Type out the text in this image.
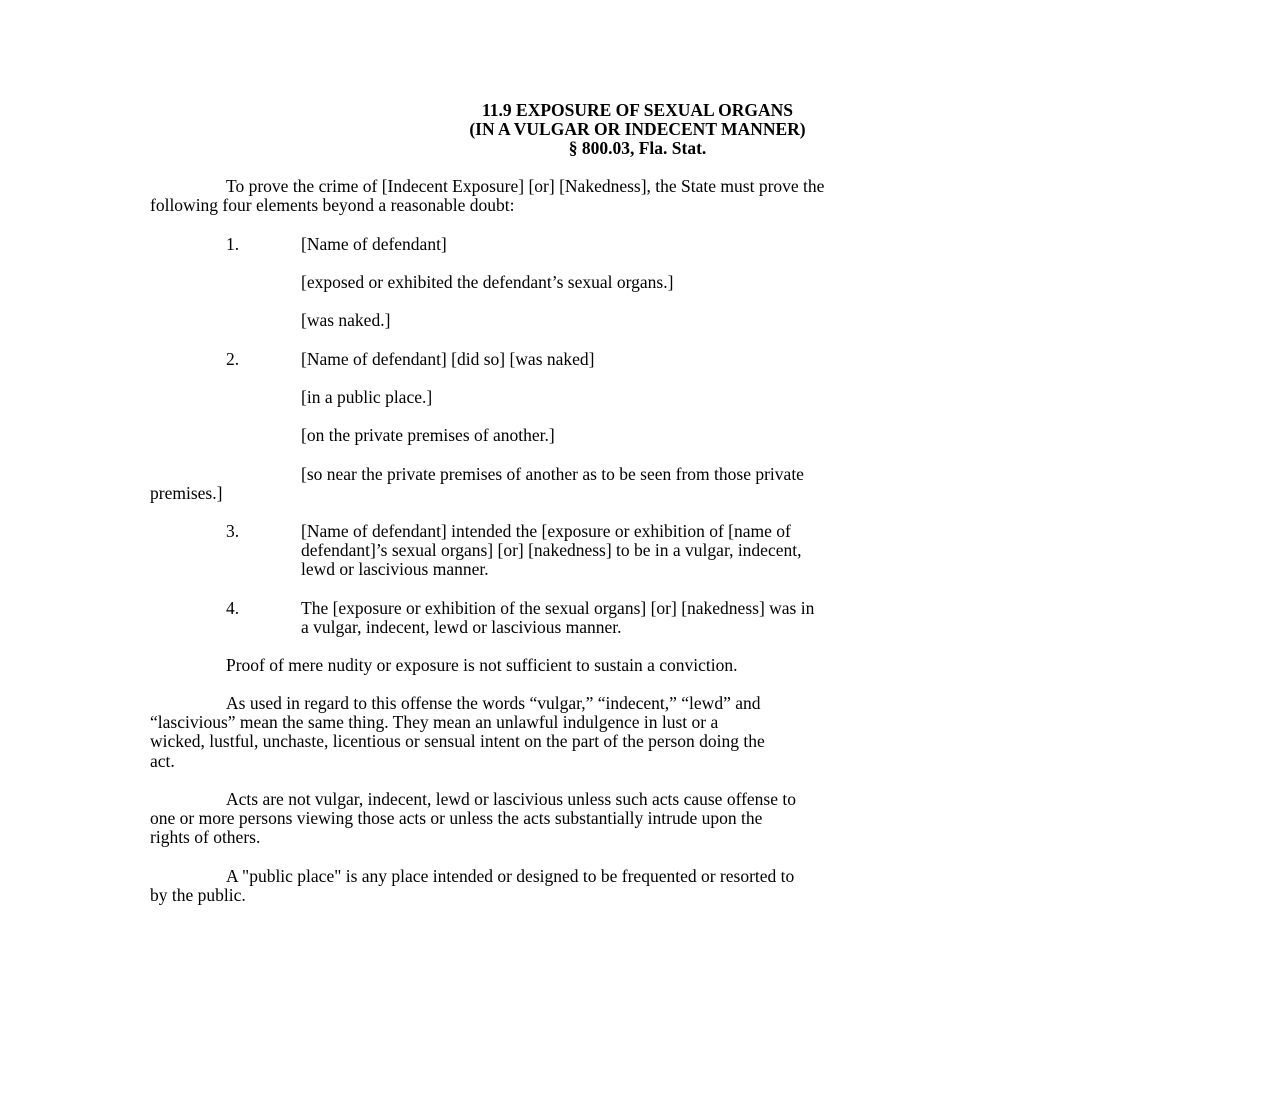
11.9 EXPOSURE OF SEXUAL ORGANS
(IN A VULGAR OR INDECENT MANNER)
§ 800.03, Fla. Stat.
To prove the crime of [Indecent Exposure] [or] [Nakedness], the State must prove the
following four elements beyond a reasonable doubt:
1.	[Name of defendant]
[exposed or exhibited the defendant’s sexual organs.]
[was naked.]
2.	[Name of defendant] [did so] [was naked]
[in a public place.]
[on the private premises of another.]
[so near the private premises of another as to be seen from those private
premises.]
3.	[Name of defendant] intended the [exposure or exhibition of [name of
defendant]’s sexual organs] [or] [nakedness] to be in a vulgar, indecent,
lewd or lascivious manner.
4.	The [exposure or exhibition of the sexual organs] [or] [nakedness] was in
a vulgar, indecent, lewd or lascivious manner.
Proof of mere nudity or exposure is not sufficient to sustain a conviction.
As used in regard to this offense the words “vulgar,” “indecent,” “lewd” and
“lascivious” mean the same thing. They mean an unlawful indulgence in lust or a
wicked, lustful, unchaste, licentious or sensual intent on the part of the person doing the
act.
Acts are not vulgar, indecent, lewd or lascivious unless such acts cause offense to
one or more persons viewing those acts or unless the acts substantially intrude upon the
rights of others.
A "public place" is any place intended or designed to be frequented or resorted to
by the public.
